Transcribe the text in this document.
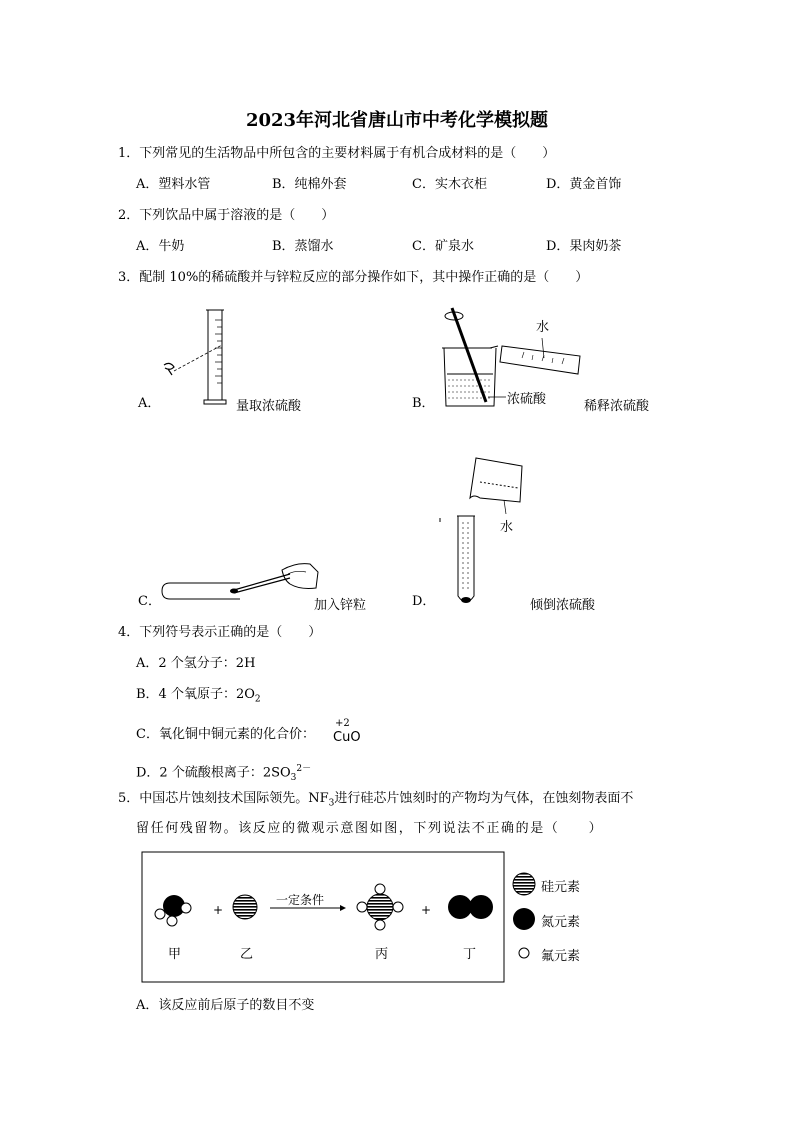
2023年河北省唐山市中考化学模拟题
1．下列常见的生活物品中所包含的主要材料属于有机合成材料的是（　　）
A．塑料水管	B．纯棉外套	C．实木衣柜	D．黄金首饰
2．下列饮品中属于溶液的是（　　）
A．牛奶	B．蒸馏水	C．矿泉水	D．果肉奶茶
3．配制 10%的稀硫酸并与锌粒反应的部分操作如下，其中操作正确的是（　　）
A．	量取浓硫酸	B．
水
浓硫酸	稀释浓硫酸
C．	加入锌粒	D．
水
倾倒浓硫酸
4．下列符号表示正确的是（　　）
A．2 个氢分子：2H
B．4 个氧原子：$2O_2$
C．氧化铜中铜元素的化合价：
+2
CuO
D．2 个硫酸根离子：$2SO_3^{2-}$
5．中国芯片蚀刻技术国际领先。$NF_3$进行硅芯片蚀刻时的产物均为气体，在蚀刻物表面不
留任何残留物。该反应的微观示意图如图，下列说法不正确的是（　　）
+	+
一定条件
甲	乙	丙	丁
硅元素
氮元素
氟元素
A．该反应前后原子的数目不变
